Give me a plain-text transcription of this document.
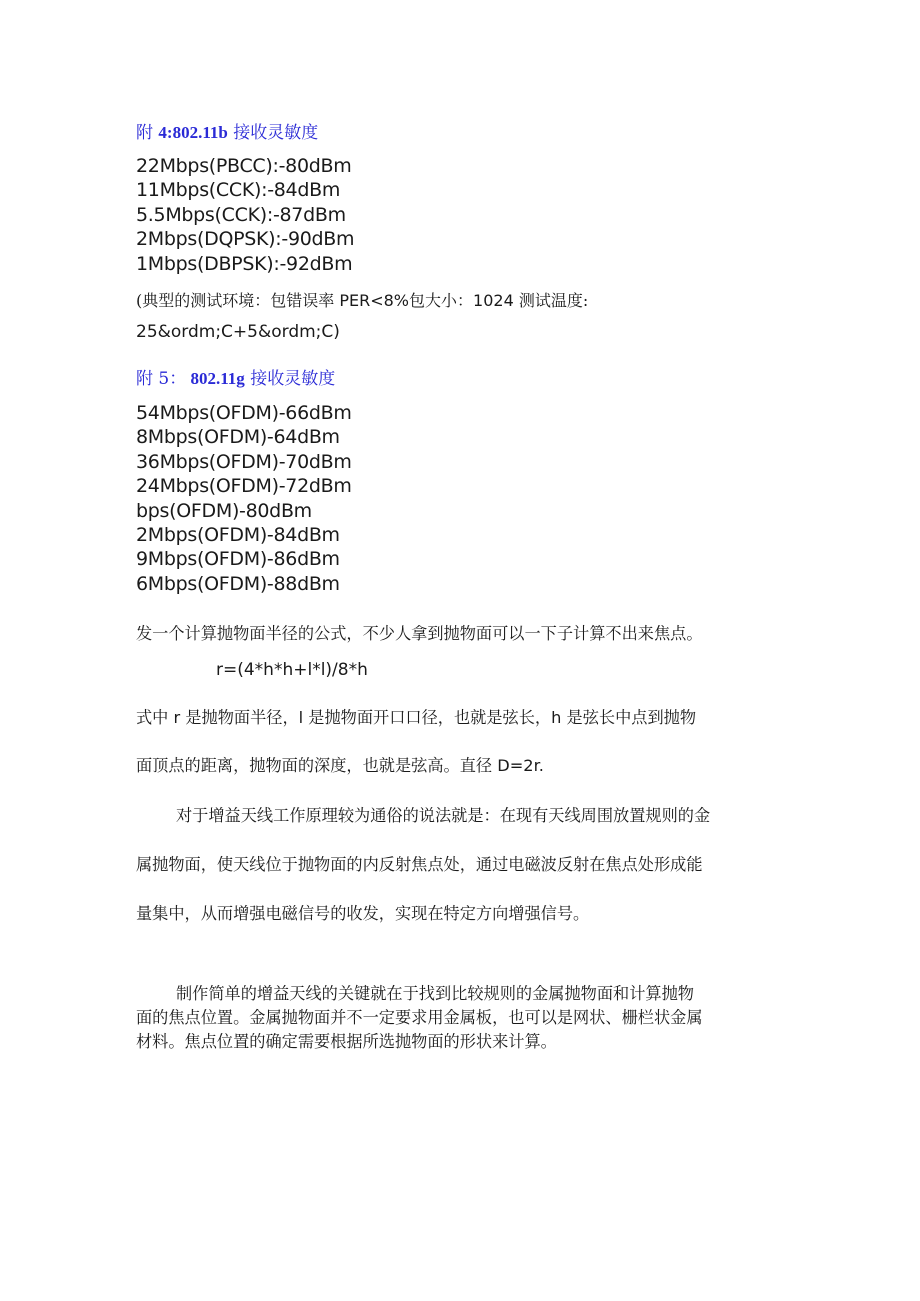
附 4:802.11b 接收灵敏度
22Mbps(PBCC):-80dBm
11Mbps(CCK):-84dBm
5.5Mbps(CCK):-87dBm
2Mbps(DQPSK):-90dBm
1Mbps(DBPSK):-92dBm
(典型的测试环境：包错误率 PER<8%包大小：1024 测试温度:
25&ordm;C+5&ordm;C)
附 5： 802.11g 接收灵敏度
54Mbps(OFDM)-66dBm
8Mbps(OFDM)-64dBm
36Mbps(OFDM)-70dBm
24Mbps(OFDM)-72dBm
bps(OFDM)-80dBm
2Mbps(OFDM)-84dBm
9Mbps(OFDM)-86dBm
6Mbps(OFDM)-88dBm
发一个计算抛物面半径的公式，不少人拿到抛物面可以一下子计算不出来焦点。
r=(4*h*h+l*l)/8*h
式中 r 是抛物面半径，l 是抛物面开口口径，也就是弦长，h 是弦长中点到抛物
面顶点的距离，抛物面的深度，也就是弦高。直径 D=2r.
对于增益天线工作原理较为通俗的说法就是：在现有天线周围放置规则的金
属抛物面，使天线位于抛物面的内反射焦点处，通过电磁波反射在焦点处形成能
量集中，从而增强电磁信号的收发，实现在特定方向增强信号。
制作简单的增益天线的关键就在于找到比较规则的金属抛物面和计算抛物
面的焦点位置。金属抛物面并不一定要求用金属板，也可以是网状、栅栏状金属
材料。焦点位置的确定需要根据所选抛物面的形状来计算。
